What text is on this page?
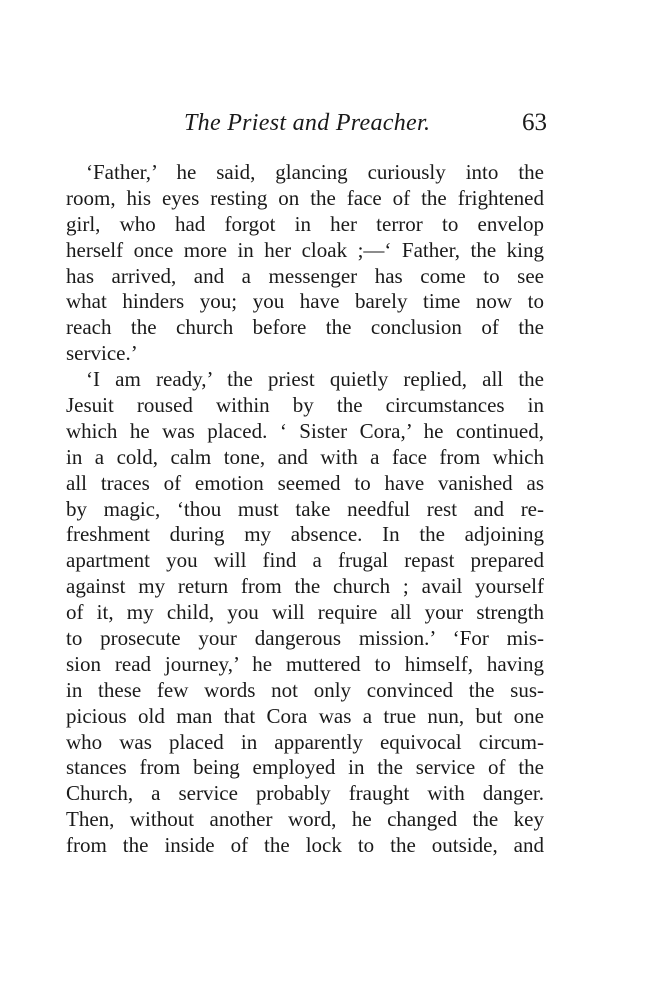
The Priest and Preacher.	63
‘Father,’ he said, glancing curiously into the
room, his eyes resting on the face of the frightened
girl, who had forgot in her terror to envelop
herself once more in her cloak ;—‘ Father, the king
has arrived, and a messenger has come to see
what hinders you; you have barely time now to
reach the church before the conclusion of the
service.’
‘I am ready,’ the priest quietly replied, all the
Jesuit roused within by the circumstances in
which he was placed. ‘ Sister Cora,’ he continued,
in a cold, calm tone, and with a face from which
all traces of emotion seemed to have vanished as
by magic, ‘thou must take needful rest and re-
freshment during my absence. In the adjoining
apartment you will find a frugal repast prepared
against my return from the church ; avail yourself
of it, my child, you will require all your strength
to prosecute your dangerous mission.’ ‘For mis-
sion read journey,’ he muttered to himself, having
in these few words not only convinced the sus-
picious old man that Cora was a true nun, but one
who was placed in apparently equivocal circum-
stances from being employed in the service of the
Church, a service probably fraught with danger.
Then, without another word, he changed the key
from the inside of the lock to the outside, and
